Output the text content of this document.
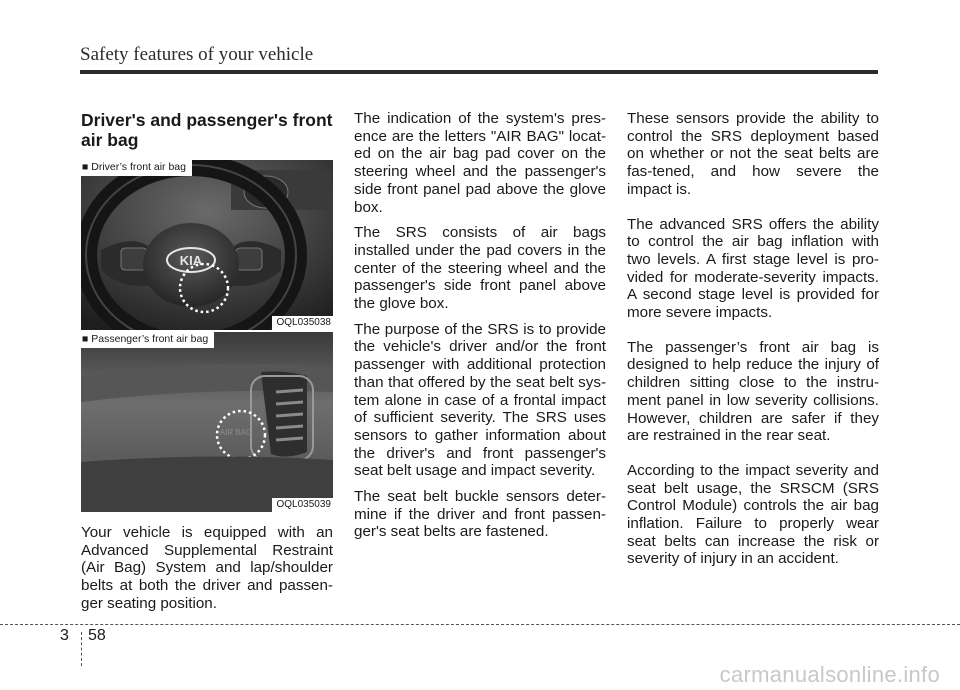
Safety features of your vehicle
Driver's and passenger's front air bag
KIA
■ Driver’s front air bag
OQL035038
AIR BAG
■ Passenger’s front air bag
OQL035039

Your vehicle is equipped with an Advanced Supplemental Restraint (Air Bag) System and lap/shoulder belts at both the driver and passen-ger seating position.

The indication of the system's pres-ence are the letters "AIR BAG" locat-ed on the air bag pad cover on the steering wheel and the passenger's side front panel pad above the glove box.

The SRS consists of air bags installed under the pad covers in the center of the steering wheel and the passenger's side front panel above the glove box.

The purpose of the SRS is to provide the vehicle's driver and/or the front passenger with additional protection than that offered by the seat belt sys-tem alone in case of a frontal impact of sufficient severity. The SRS uses sensors to gather information about the driver's and front passenger's seat belt usage and impact severity.

The seat belt buckle sensors deter-mine if the driver and front passen-ger's seat belts are fastened.

These sensors provide the ability to control the SRS deployment based on whether or not the seat belts are fas-tened, and how severe the impact is.

The advanced SRS offers the ability to control the air bag inflation with two levels. A first stage level is pro-vided for moderate-severity impacts. A second stage level is provided for more severe impacts.

The passenger’s front air bag is designed to help reduce the injury of children sitting close to the instru-ment panel in low severity collisions. However, children are safer if they are restrained in the rear seat.

According to the impact severity and seat belt usage, the SRSCM (SRS Control Module) controls the air bag inflation. Failure to properly wear seat belts can increase the risk or severity of injury in an accident.

3 58
carmanualsonline.info
